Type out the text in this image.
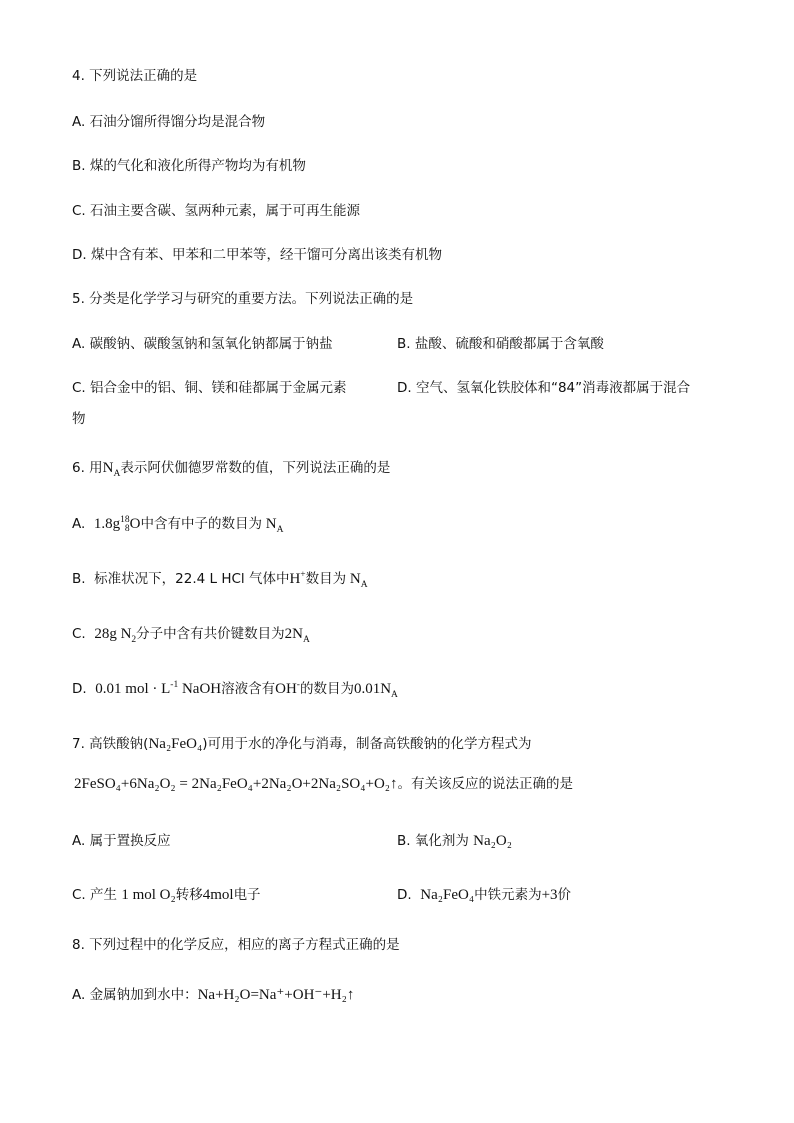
4. 下列说法正确的是
A. 石油分馏所得馏分均是混合物
B. 煤的气化和液化所得产物均为有机物
C. 石油主要含碳、氢两种元素，属于可再生能源
D. 煤中含有苯、甲苯和二甲苯等，经干馏可分离出该类有机物
5. 分类是化学学习与研究的重要方法。下列说法正确的是
A. 碳酸钠、碳酸氢钠和氢氧化钠都属于钠盐	B. 盐酸、硫酸和硝酸都属于含氧酸
C. 铝合金中的铝、铜、镁和硅都属于金属元素	D. 空气、氢氧化铁胶体和“84”消毒液都属于混合
物
6. 用$N_A$表示阿伏伽德罗常数的值，下列说法正确的是
A. 1.8g 18
8 O中含有中子的数目为 $N_A$
B. 标准状况下，22.4 L HCl 气体中H+数目为 $N_A$
C. 28g $N_2$分子中含有共价键数目为$2N_A$
D. 0.01 mol · $L^{-1}$ NaOH溶液含有OH-的数目为$0.01N_A$
7. 高铁酸钠(Na₂FeO₄)可用于水的净化与消毒，制备高铁酸钠的化学方程式为
2FeSO₄+6Na₂O₂ = 2Na₂FeO₄+2Na₂O+2Na₂SO₄+O₂↑。有关该反应的说法正确的是
A. 属于置换反应	B. 氧化剂为 Na₂O₂
C. 产生 1 mol O₂转移4mol电子	D. Na₂FeO₄中铁元素为+3价
8. 下列过程中的化学反应，相应的离子方程式正确的是
A. 金属钠加到水中：Na+H₂O=Na⁺+OH⁻+H₂↑
